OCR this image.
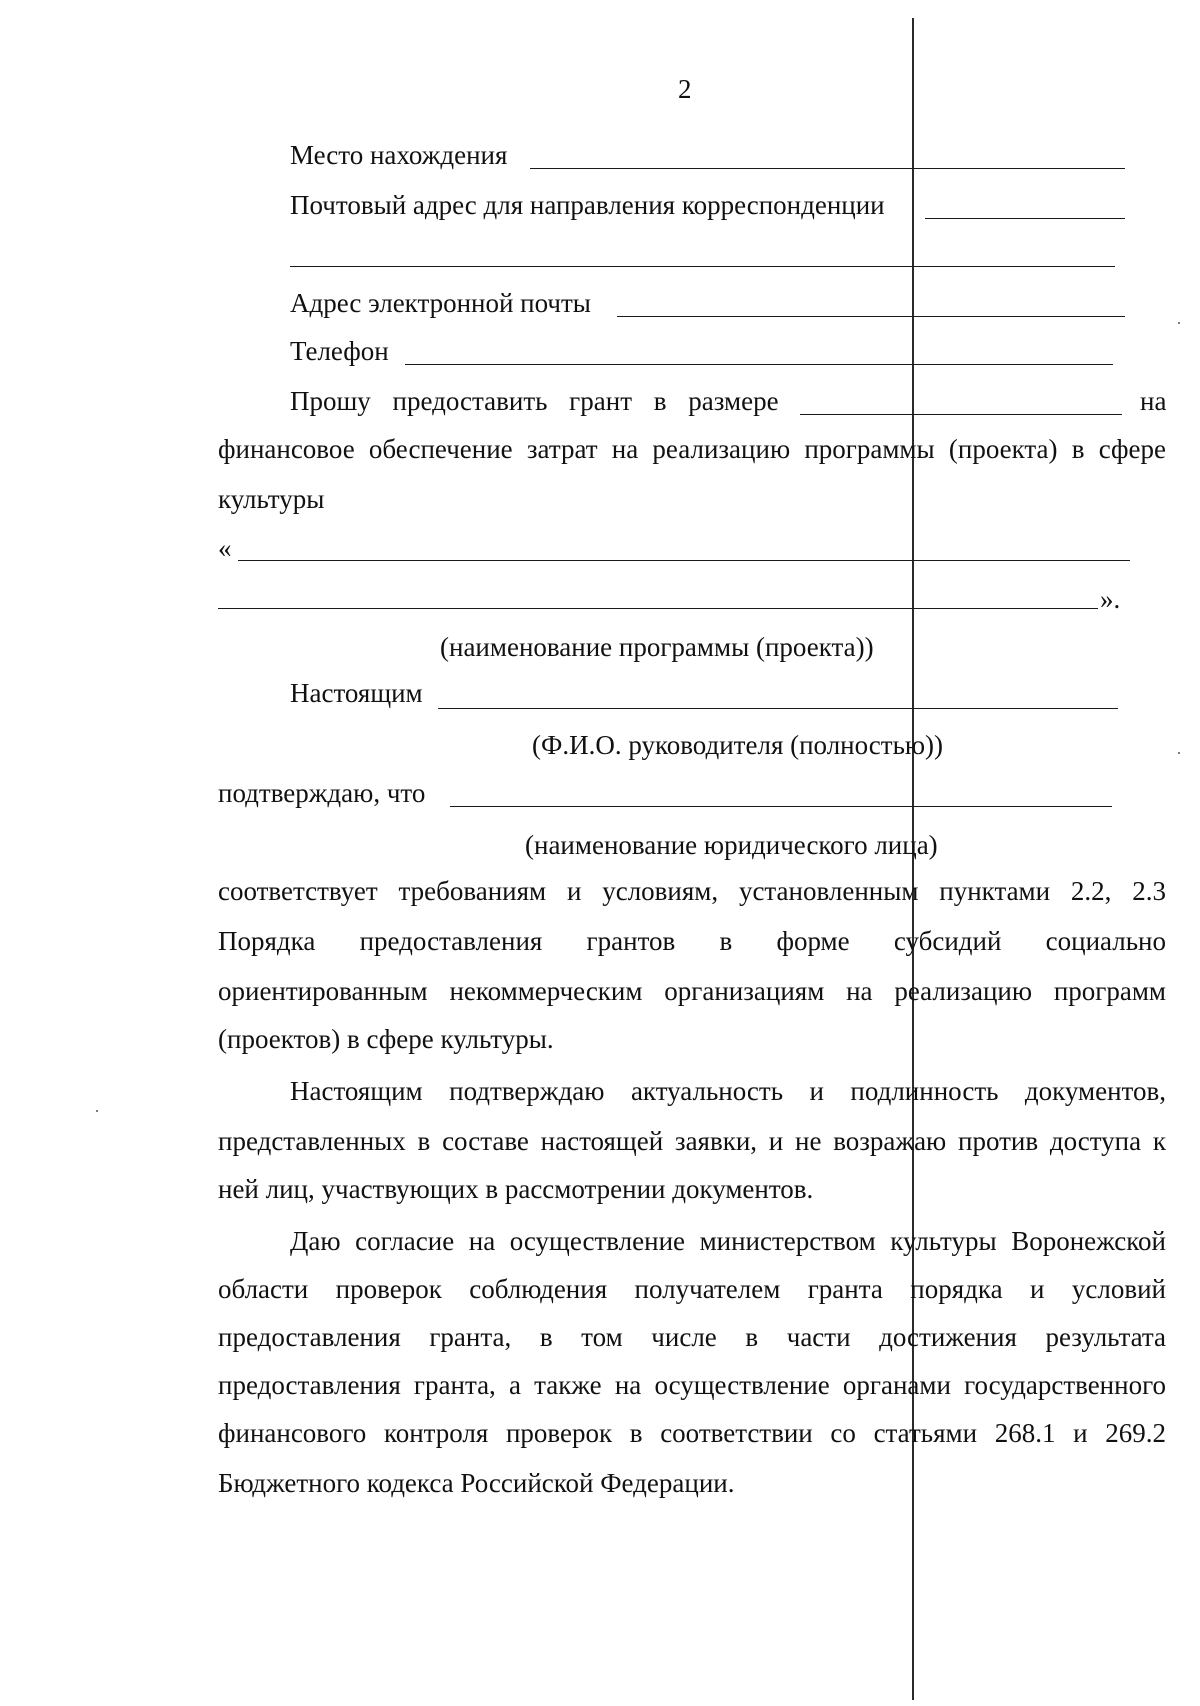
2
Место нахождения
Почтовый адрес для направления корреспонденции
Адрес электронной почты
Телефон
Прошу предоставить грант в размере	на
финансовое обеспечение затрат на реализацию программы (проекта) в сфере
культуры
«
».
(наименование программы (проекта))
Настоящим
(Ф.И.О. руководителя (полностью))
подтверждаю, что
(наименование юридического лица)
соответствует требованиям и условиям, установленным пунктами 2.2, 2.3
Порядка предоставления грантов в форме субсидий социально
ориентированным некоммерческим организациям на реализацию программ
(проектов) в сфере культуры.
Настоящим подтверждаю актуальность и подлинность документов,
представленных в составе настоящей заявки, и не возражаю против доступа к
ней лиц, участвующих в рассмотрении документов.
Даю согласие на осуществление министерством культуры Воронежской
области проверок соблюдения получателем гранта порядка и условий
предоставления гранта, в том числе в части достижения результата
предоставления гранта, а также на осуществление органами государственного
финансового контроля проверок в соответствии со статьями 268.1 и 269.2
Бюджетного кодекса Российской Федерации.
